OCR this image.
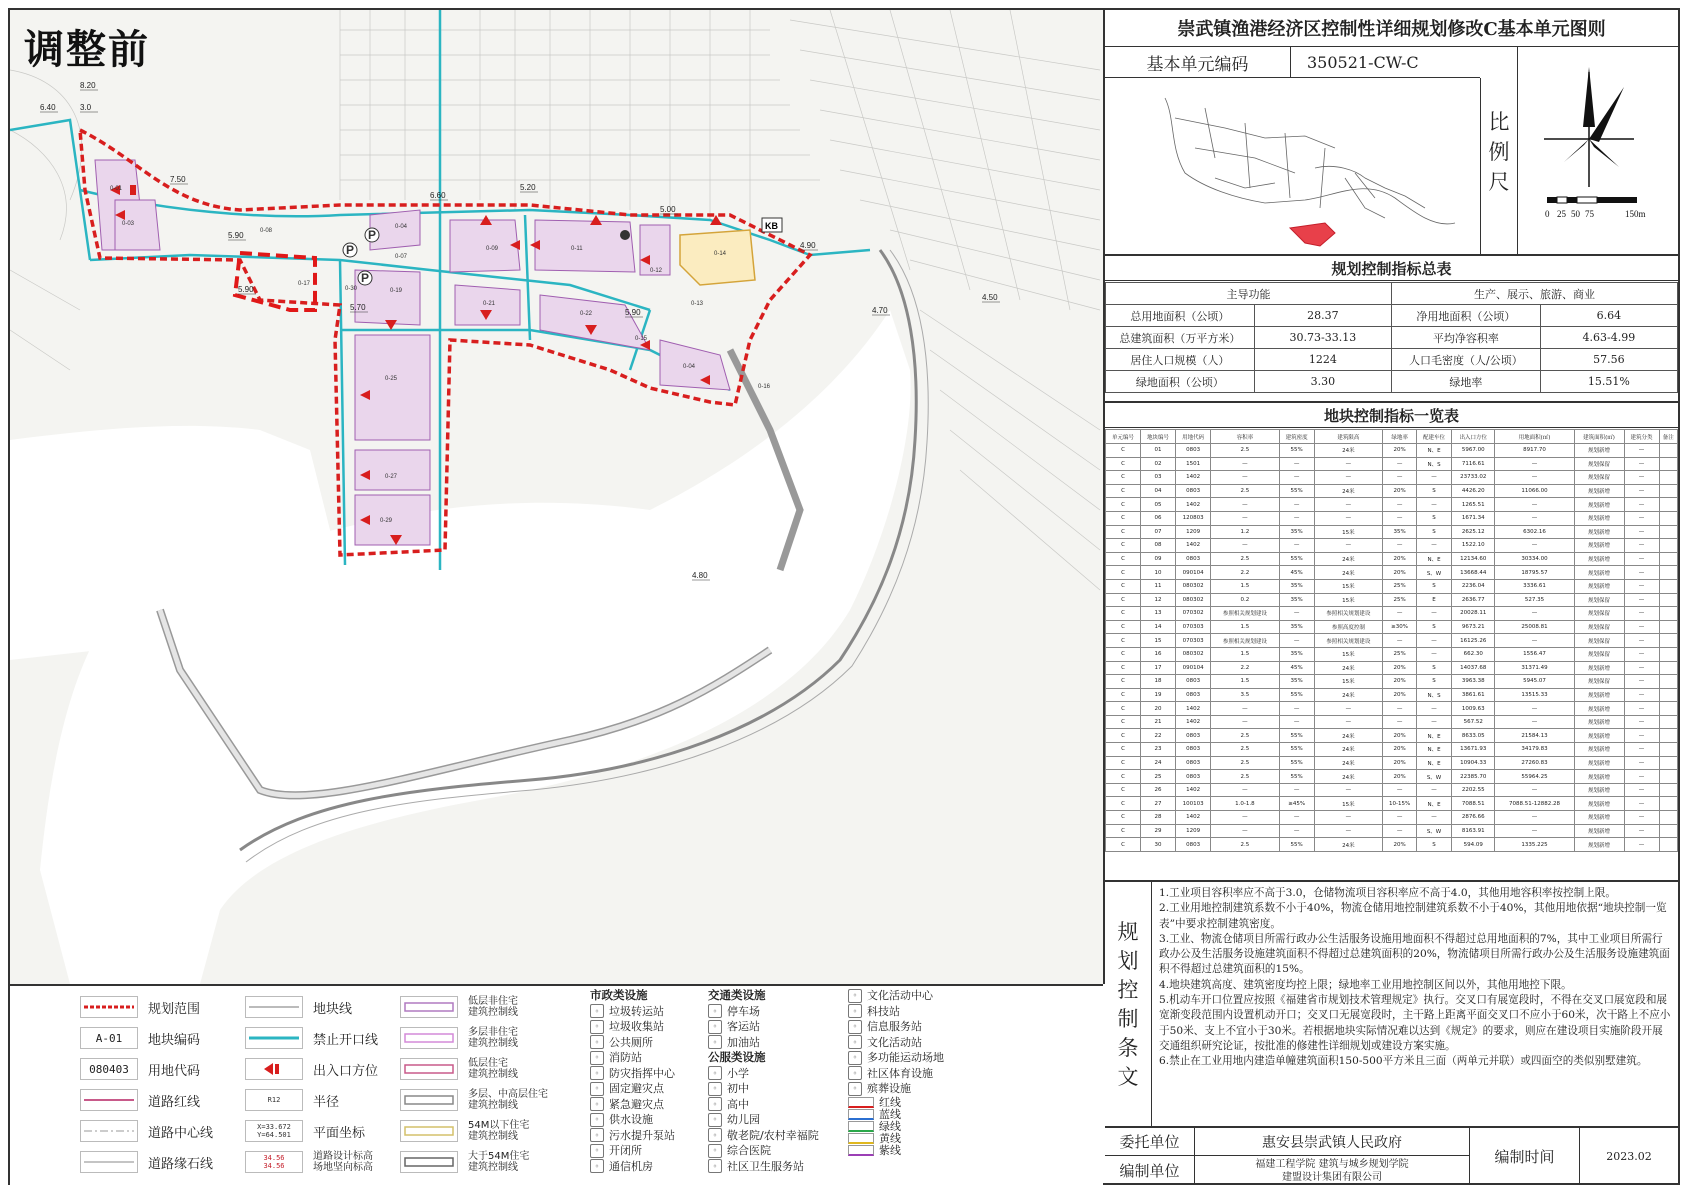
P
P
P
KB
0-01
0-03
0-08
0-04
0-07
0-17
0-19
0-09	0-11
0-12
0-14
0-13
0-21
0-22
0-15
0-04
0-25
0-27
0-29
0-16
0-30
8.20
3.0
7.50
5.90
5.90
5.20
6.60
5.00
4.90
5.90
5.70	4.70
4.50
4.80
6.40
调整前
规划范围
A-01 地块编码
080403 用地代码
道路红线
道路中心线
道路缘石线
地块线
禁止开口线
出入口方位
R12	半径
X=33.672
Y=64.501 平面坐标
34.56
34.56
道路设计标高
场地坚向标高
低层非住宅
建筑控制线
多层非住宅
建筑控制线
低层住宅
建筑控制线
多层、中高层住宅
建筑控制线
54M以下住宅
建筑控制线
大于54M住宅
建筑控制线
市政类设施
◦ 垃圾转运站
◦ 垃圾收集站
◦ 公共厕所
◦ 消防站
◦ 防灾指挥中心
◦ 固定避灾点
◦ 紧急避灾点
◦ 供水设施
◦ 污水提升泵站
◦ 开闭所
◦ 通信机房
交通类设施
◦ 停车场
◦ 客运站
◦ 加油站
公服类设施
◦ 小学
◦ 初中
◦ 高中
◦ 幼儿园
◦ 敬老院/农村幸福院
◦ 综合医院
◦ 社区卫生服务站
◦ 文化活动中心
◦ 科技站
◦ 信息服务站
◦ 文化活动站
◦ 多功能运动场地
◦ 社区体育设施
◦ 殡葬设施
红线
蓝线
绿线
黄线
紫线
崇武镇渔港经济区控制性详细规划修改C基本单元图则
基本单元编码	350521-CW-C
比
例
尺
0 25 50 75	150m
规划控制指标总表
主导功能		生产、展示、旅游、商业	
总用地面积（公顷）	28.37	净用地面积（公顷）	6.64
总建筑面积（万平方米）	30.73-33.13	平均净容积率	4.63-4.99
居住人口规模（人）	1224	人口毛密度（人/公顷）	57.56
绿地面积（公顷）	3.30	绿地率	15.51%
地块控制指标一览表
单元编号	地块编号	用地代码	容积率	建筑密度	建筑限高	绿地率	配建车位	出入口方位	用地面积(㎡)	建筑面积(㎡)	建筑分类	备注
C	01	0803	2.5	55%	24米	20%	N、E	5967.00	8917.70	规划新增	—	
C	02	1501	—	—	—	—	N、S	7116.61	—	规划保留	—	
C	03	1402	—	—	—	—	—	23733.02	—	规划保留	—	
C	04	0803	2.5	55%	24米	20%	S	4426.20	11066.00	规划新增	—	
C	05	1402	—	—	—	—	—	1265.51	—	规划新增	—	
C	06	120803	—	—	—	—	S	1671.34	—	规划新增	—	
C	07	1209	1.2	35%	15米	35%	S	2625.12	6302.16	规划新增	—	
C	08	1402	—	—	—	—	—	1522.10	—	规划新增	—	
C	09	0803	2.5	55%	24米	20%	N、E	12134.60	30334.00	规划新增	—	
C	10	090104	2.2	45%	24米	20%	S、W	13668.44	18795.57	规划新增	—	
C	11	080302	1.5	35%	15米	25%	S	2236.04	3336.61	规划新增	—	
C	12	080302	0.2	35%	15米	25%	E	2636.77	527.35	规划保留	—	
C	13	070302	参照相关规划建设	—	参照相关规划建设	—	—	20028.11	—	规划保留	—	
C	14	070303	1.5	35%	参照高度控制	≥30%	S	9673.21	25008.81	规划保留	—	
C	15	070303	参照相关规划建设	—	参照相关规划建设	—	—	16125.26	—	规划保留	—	
C	16	080302	1.5	35%	15米	25%	—	662.30	1556.47	规划保留	—	
C	17	090104	2.2	45%	24米	20%	S	14037.68	31371.49	规划新增	—	
C	18	0803	1.5	35%	15米	20%	S	3963.38	5945.07	规划保留	—	
C	19	0803	3.5	55%	24米	20%	N、S	3861.61	13515.33	规划新增	—	
C	20	1402	—	—	—	—	—	1009.63	—	规划新增	—	
C	21	1402	—	—	—	—	—	567.52	—	规划新增	—	
C	22	0803	2.5	55%	24米	20%	N、E	8633.05	21584.13	规划新增	—	
C	23	0803	2.5	55%	24米	20%	N、E	13671.93	34179.83	规划新增	—	
C	24	0803	2.5	55%	24米	20%	N、E	10904.33	27260.83	规划新增	—	
C	25	0803	2.5	55%	24米	20%	S、W	22385.70	55964.25	规划新增	—	
C	26	1402	—	—	—	—	—	2202.55	—	规划新增	—	
C	27	100103	1.0-1.8	≥45%	15米	10-15%	N、E	7088.51	7088.51-12882.28	规划新增	—	
C	28	1402	—	—	—	—	—	2876.66	—	规划新增	—	
C	29	1209	—	—	—	—	S、W	8163.91	—	规划新增	—	
C	30	0803	2.5	55%	24米	20%	S	594.09	1335.225	规划新增	—	
规
划
控
制
条
文
1.工业项目容积率应不高于3.0，仓储物流项目容积率应不高于4.0，其他用地容积率按控制上限。
2.工业用地控制建筑系数不小于40%，物流仓储用地控制建筑系数不小于40%，其他用地依据“地块控制一览表”中要求控制建筑密度。
3.工业、物流仓储项目所需行政办公生活服务设施用地面积不得超过总用地面积的7%，其中工业项目所需行政办公及生活服务设施建筑面积不得超过总建筑面积的20%，物流储项目所需行政办公及生活服务设施建筑面积不得超过总建筑面积的15%。
4.地块建筑高度、建筑密度均控上限；绿地率工业用地控制区间以外，其他用地控下限。
5.机动车开口位置应按照《福建省市规划技术管理规定》执行。交叉口有展宽段时，不得在交叉口展宽段和展宽渐变段范围内设置机动开口；交叉口无展宽段时，主干路上距离平面交叉口不应小于60米，次干路上不应小于50米、支上不宜小于30米。若根据地块实际情况难以达到《规定》的要求，则应在建设项目实施阶段开展交通组织研究论证，按批准的修建性详细规划或建设方案实施。
6.禁止在工业用地内建造单幢建筑面积150-500平方米且三面（两单元并联）或四面空的类似别墅建筑。
委托单位	惠安县崇武镇人民政府
编制单位	福建工程学院 建筑与城乡规划学院
建盟设计集团有限公司
编制时间	2023.02
